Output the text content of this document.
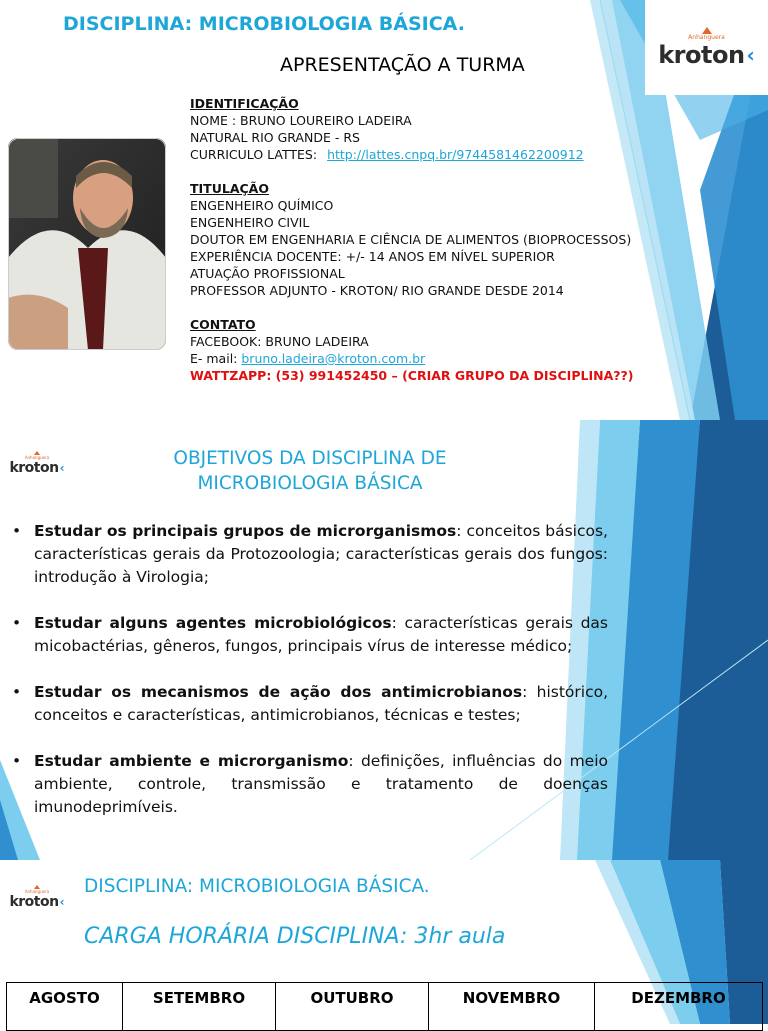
DISCIPLINA: MICROBIOLOGIA BÁSICA.
APRESENTAÇÃO A TURMA
Anhanguera
kroton ‹
IDENTIFICAÇÃO
NOME : BRUNO LOUREIRO LADEIRA
NATURAL RIO GRANDE - RS
CURRICULO LATTES: http://lattes.cnpq.br/9744581462200912
TITULAÇÃO
ENGENHEIRO QUÍMICO
ENGENHEIRO CIVIL
DOUTOR EM ENGENHARIA E CIÊNCIA DE ALIMENTOS (BIOPROCESSOS)
EXPERIÊNCIA DOCENTE: +/- 14 ANOS EM NÍVEL SUPERIOR
ATUAÇÃO PROFISSIONAL
PROFESSOR ADJUNTO - KROTON/ RIO GRANDE DESDE 2014
CONTATO
FACEBOOK: BRUNO LADEIRA
E- mail: bruno.ladeira@kroton.com.br
WATTZAPP: (53) 991452450 – (CRIAR GRUPO DA DISCIPLINA??)
Anhanguera
kroton ‹	OBJETIVOS DA DISCIPLINA DE
MICROBIOLOGIA BÁSICA
• Estudar os principais grupos de microrganismos: conceitos básicos, características gerais da Protozoologia; características gerais dos fungos: introdução à Virologia;
• Estudar alguns agentes microbiológicos: características gerais das micobactérias, gêneros, fungos, principais vírus de interesse médico;
• Estudar os mecanismos de ação dos antimicrobianos: histórico, conceitos e características, antimicrobianos, técnicas e testes;
• Estudar ambiente e microrganismo: definições, influências do meio ambiente, controle, transmissão e tratamento de doenças imunodeprimíveis.
Anhanguera
kroton ‹
DISCIPLINA: MICROBIOLOGIA BÁSICA.
CARGA HORÁRIA DISCIPLINA: 3hr aula
AGOSTO	SETEMBRO	OUTUBRO	NOVEMBRO	DEZEMBRO
